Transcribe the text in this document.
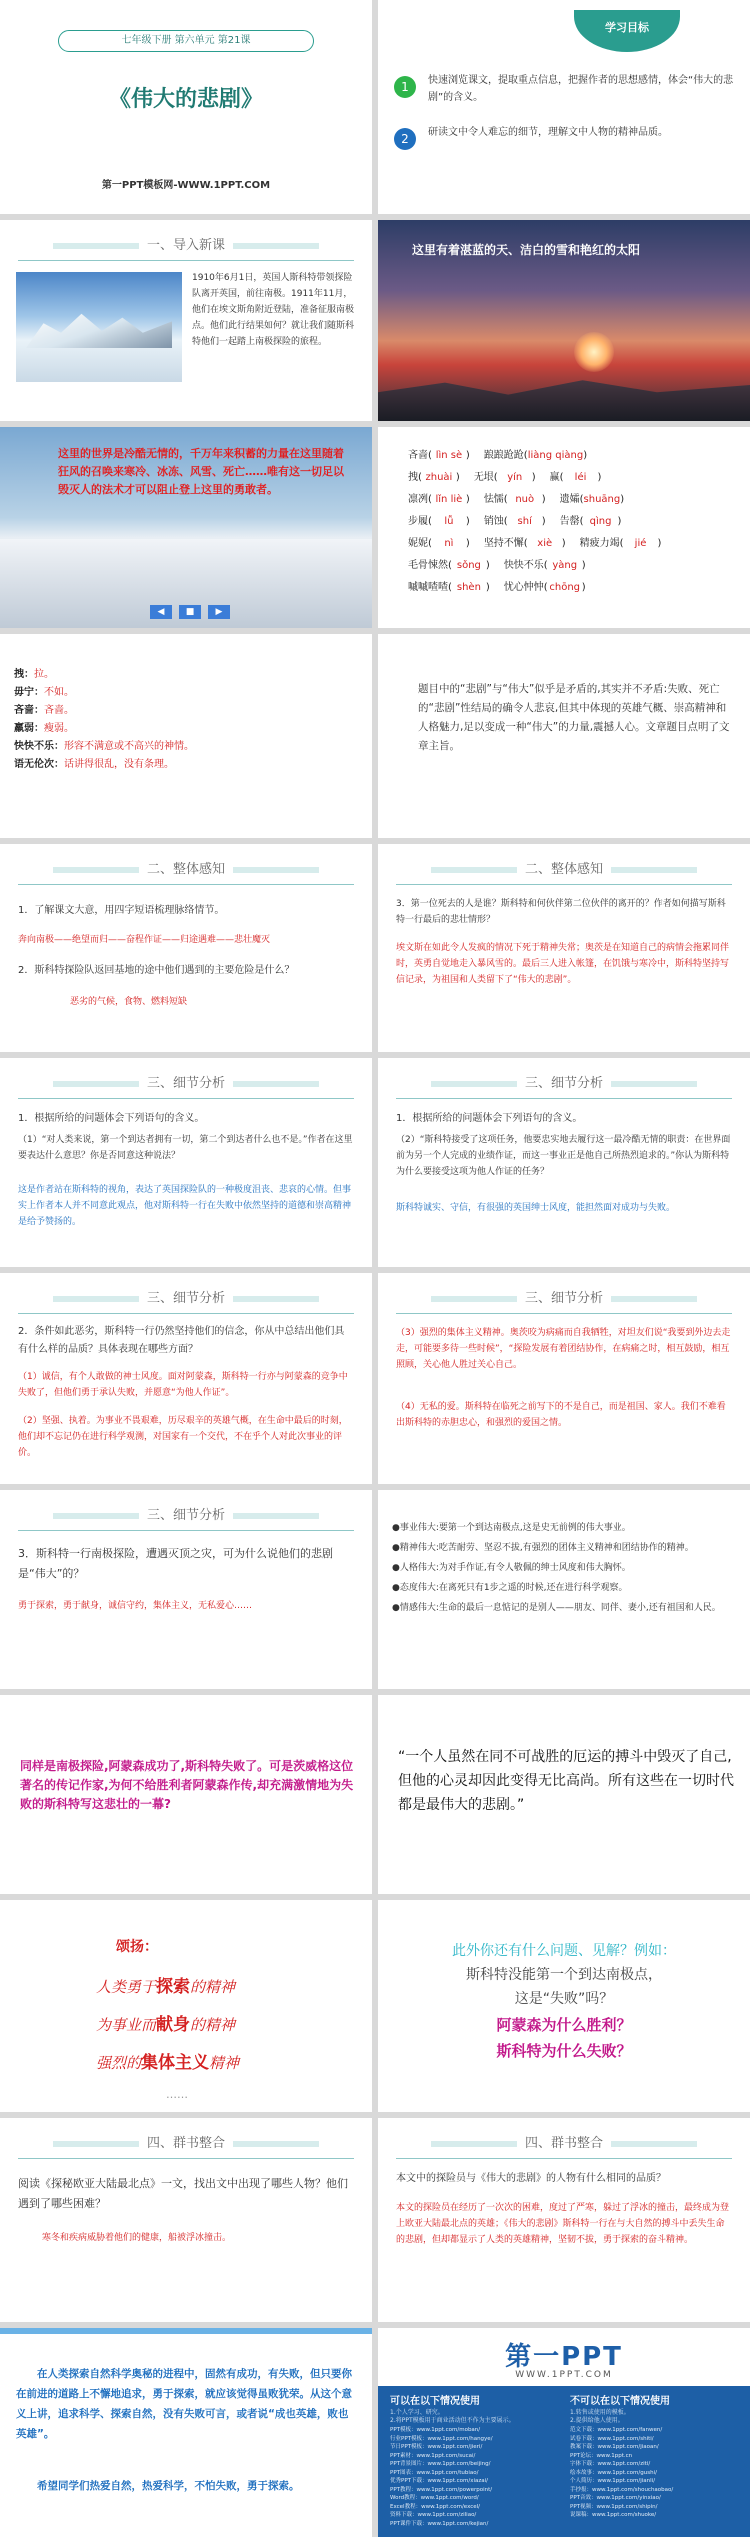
七年级下册 第六单元 第21课
《伟大的悲剧》
第一PPT模板网-WWW.1PPT.COM
学习目标
1	快速浏览课文，提取重点信息，把握作者的思想感情，体会“伟大的悲剧”的含义。
2	研读文中令人难忘的细节，理解文中人物的精神品质。
一、导入新课
1910年6月1日，英国人斯科特带领探险队离开英国，前往南极。1911年11月，他们在埃文斯角附近登陆，准备征服南极点。他们此行结果如何？就让我们随斯科特他们一起踏上南极探险的旅程。
这里有着湛蓝的天、洁白的雪和艳红的太阳
这里的世界是冷酷无情的，千万年来积蓄的力量在这里随着狂风的召唤来寒冷、冰冻、风雪、死亡……唯有这一切足以毁灭人的法术才可以阻止登上这里的勇敢者。
◀	■	▶
吝啬( lìn sè ) 踉踉跄跄(liàng qiàng)
拽( zhuài ) 无垠( yín ) 赢( léi )
凛冽( lǐn liè ) 怯懦( nuò ) 遗孀(shuāng)
步履( lǚ ) 销蚀( shí ) 告罄( qìng )
妮妮( nì ) 坚持不懈( xiè ) 精疲力竭( jié )
毛骨悚然( sǒng ) 快快不乐( yàng )
嘁嘁喳喳( shèn ) 忧心忡忡( chōng )
拽：拉。
毋宁：不如。
吝啬：吝啬。
羸弱：瘦弱。
快快不乐：形容不满意或不高兴的神情。
语无伦次：话讲得很乱，没有条理。
题目中的“悲剧”与“伟大”似乎是矛盾的,其实并不矛盾:失败、死亡的“悲剧”性结局的确令人悲哀,但其中体现的英雄气概、崇高精神和人格魅力,足以变成一种“伟大”的力量,震撼人心。文章题目点明了文章主旨。
二、整体感知
1．了解课文大意，用四字短语梳理脉络情节。
奔向南极——绝望而归——奋程作证——归途遇难——悲壮魔灭
2．斯科特探险队返回基地的途中他们遇到的主要危险是什么？
恶劣的气候，食物、燃料短缺
二、整体感知
3．第一位死去的人是谁？斯科特和何伙伴第二位伙伴的离开的？作者如何描写斯科特一行最后的悲壮情形？
埃文斯在如此令人发疯的情况下死于精神失常；奥茨是在知道自己的病情会拖累同伴时，英勇自觉地走入暴风雪的。最后三人进入帐篷，在饥饿与寒冷中，斯科特坚持写信记录，为祖国和人类留下了“伟大的悲剧”。
三、细节分析
1．根据所给的问题体会下列语句的含义。
（1）“对人类来说，第一个到达者拥有一切，第二个到达者什么也不是。”作者在这里要表达什么意思？你是否同意这种说法？
这是作者站在斯科特的视角，表达了英国探险队的一种极度沮丧、悲哀的心情。但事实上作者本人并不同意此观点，他对斯科特一行在失败中依然坚持的道德和崇高精神是给予赞扬的。
三、细节分析
1．根据所给的问题体会下列语句的含义。
（2）“斯科特接受了这项任务，他要忠实地去履行这一最冷酷无情的职责：在世界面前为另一个人完成的业绩作证，而这一事业正是他自己所热烈追求的。”你认为斯科特为什么要接受这项为他人作证的任务？
斯科特诚实、守信，有很强的英国绅士风度，能担然面对成功与失败。
三、细节分析
2．条件如此恶劣，斯科特一行仍然坚持他们的信念，你从中总结出他们具有什么样的品质？具体表现在哪些方面？
（1）诚信，有个人敢做的神士风度。面对阿蒙森，斯科特一行亦与阿蒙森的竞争中失败了，但他们勇于承认失败，并愿意“为他人作证”。
（2）坚强、执着。为事业不畏艰难，历尽艰辛的英雄气概，在生命中最后的时刻，他们却不忘记仍在进行科学观测，对国家有一个交代，不在乎个人对此次事业的评价。
三、细节分析
（3）强烈的集体主义精神。奥茨咬为病痛而自我牺牲，对坦友们说“我要到外边去走走，可能要多待一些时候”，“探险发展有着团结协作，在病痛之时，相互鼓励，相互照顾，关心他人胜过关心自己。
（4）无私的爱。斯科特在临死之前写下的不是自己，而是祖国、家人。我们不难看出斯科特的赤胆忠心，和强烈的爱国之情。
三、细节分析
3．斯科特一行南极探险，遭遇灭顶之灾，可为什么说他们的悲剧是“伟大”的？
勇于探索，勇于献身，诚信守约，集体主义，无私爱心……
●事业伟大:要第一个到达南极点,这是史无前例的伟大事业。
●精神伟大:吃苦耐劳、坚忍不拔,有强烈的团体主义精神和团结协作的精神。
●人格伟大:为对手作证,有令人敬佩的绅士风度和伟大胸怀。
●态度伟大:在离死只有1步之遥的时候,还在进行科学观察。
●情感伟大:生命的最后一息惦记的是别人——朋友、同伴、妻小,还有祖国和人民。
同样是南极探险,阿蒙森成功了,斯科特失败了。可是茨威格这位著名的传记作家,为何不给胜利者阿蒙森作传,却充满激情地为失败的斯科特写这悲壮的一幕?
“一个人虽然在同不可战胜的厄运的搏斗中毁灭了自己,但他的心灵却因此变得无比高尚。所有这些在一切时代都是最伟大的悲剧。”
颂扬：
人类勇于探索的精神
为事业而献身的精神
强烈的集体主义精神
……
此外你还有什么问题、见解？例如：
斯科特没能第一个到达南极点，
这是“失败”吗？
阿蒙森为什么胜利？
斯科特为什么失败？
四、群书整合
阅读《探秘欧亚大陆最北点》一文，找出文中出现了哪些人物？他们遇到了哪些困难？
寒冬和疾病威胁着他们的健康，船被浮冰撞击。
四、群书整合
本文中的探险员与《伟大的悲剧》的人物有什么相同的品质？
本文的探险员在经历了一次次的困难，度过了严寒，躲过了浮冰的撞击，最终成为登上欧亚大陆最北点的英雄；《伟大的悲剧》斯科特一行在与大自然的搏斗中丢失生命的悲剧，但却都显示了人类的英雄精神，坚韧不拔，勇于探索的奋斗精神。
在人类探索自然科学奥秘的进程中，固然有成功，有失败，但只要你在前进的道路上不懈地追求，勇于探索，就应该觉得虽败犹荣。从这个意义上讲，追求科学、探索自然，没有失败可言，或者说“成也英雄，败也英雄”。
希望同学们热爱自然，热爱科学，不怕失败，勇于探索。
第一PPT
WWW.1PPT.COM
可以在以下情况使用
1.个人学习、研究。
2.将PPT模板用于商业活动但不作为主要展示。
不可以在以下情况使用
1.转售或使用的模板。
2.提供给他人使用。
PPT模板：www.1ppt.com/moban/
行业PPT模板：www.1ppt.com/hangye/
节日PPT模板：www.1ppt.com/jieri/
PPT素材：www.1ppt.com/sucai/
PPT背景图片：www.1ppt.com/beijing/
PPT图表：www.1ppt.com/tubiao/
优秀PPT下载：www.1ppt.com/xiazai/
PPT教程：www.1ppt.com/powerpoint/
Word教程：www.1ppt.com/word/
Excel教程：www.1ppt.com/excel/
资料下载：www.1ppt.com/ziliao/
PPT课件下载：www.1ppt.com/kejian/
范文下载：www.1ppt.com/fanwen/
试卷下载：www.1ppt.com/shiti/
教案下载：www.1ppt.com/jiaoan/
PPT论坛：www.1ppt.cn
字体下载：www.1ppt.com/ziti/
绘本故事：www.1ppt.com/gushi/
个人简历：www.1ppt.com/jianli/
手抄报：www.1ppt.com/shouchaobao/
PPT音效：www.1ppt.com/yinxiao/
PPT视频：www.1ppt.com/shipin/
说课稿：www.1ppt.com/shuoke/
